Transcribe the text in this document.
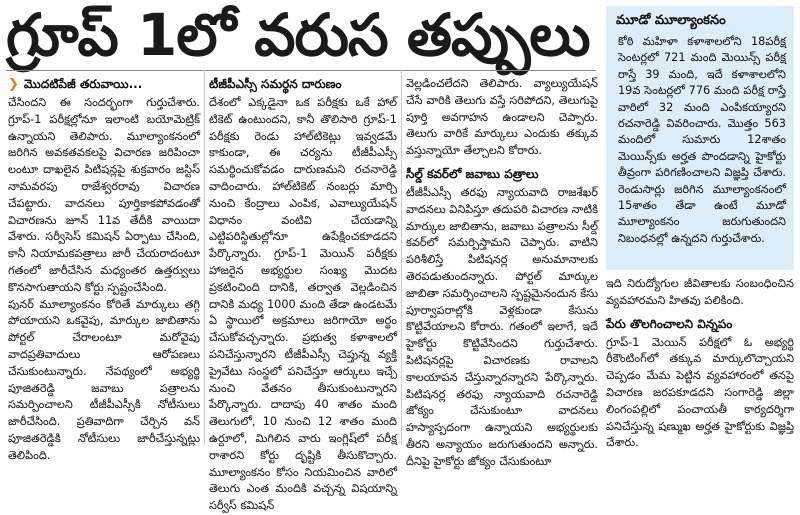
గ్రూప్ 1లో వరుస తప్పులు
❯ మొదటిపేజీ తరువాయి...

చేసిందని ఈ సందర్భంగా గుర్తుచేశారు. గ్రూప్-1 పరీక్షల్లోనూ ఇలాంటి బయోమెట్రిక్ ఉన్నాయని తెలిపారు. మూల్యాంకనంలో జరిగిన అవకతవకలపై విచారణ జరిపించా లంటూ దాఖలైన పిటిషన్లపై శుక్రవారం జస్టిస్ నామవరపు రాజేశ్వరరావు విచారణ చేపట్టారు. వాదనలు పూర్తికాకపోవడంతో విచారణను జూన్ 11వ తేదీకి వాయిదా వేశారు. సర్వీసెస్ కమిషన్ ఏర్పాటు చేసింది, కానీ నియామకపత్రాలు జారీ చేయరాదంటూ గతంలో జారీచేసిన మధ్యంతర ఉత్తర్వులు కొనసాగుతాయని కోర్టు స్పష్టంచేసింది.

పునర్ మూల్యాంకనం కోరితే మార్కులు తగ్గి పోయాయని ఒకవైపు, మార్కుల జాబితాను పోర్టల్ చేరాలంటూ మరోవైపు వాదప్రతివాదులు ఆరోపణలు చేసుకుంటున్నారు. నేపథ్యంలో అభ్యర్థి పూజితరెడ్డి జవాబు పత్రాలను సమర్పించాలని టీజీపీఎస్సీకి నోటీసులు జారీచేసింది. ప్రతివాదిగా చేర్చిన వన్ పూజితరెడ్డికి నోటీసులు జారీచేస్తున్నట్లు తెలిపింది.

టీజీపీఎస్సీ సమర్థన దారుణం

దేశంలో ఎక్కడైనా ఒక పరీక్షకు ఒకే హాల్ టికెట్ ఉంటుందని, కానీ తొలిసారి గ్రూప్-1 పరీక్షకు రెండు హాల్‌టికెట్లు ఇవ్వడమే కాకుండా, ఈ చర్యను టీజీపీఎస్సీ సమర్థించుకోవడం దారుణమని రచనారెడ్డి వాదించారు. హాల్‌టికెట్ నంబర్లు మార్చి నుంచి కేంద్రాలు ఎంపిక, ఎవాల్యుయేషన్ విధానం వంటివి చేయడాన్ని ఎట్టిపరిస్థితుల్లోనూ ఉపేక్షించకూడదని పేర్కొన్నారు. గ్రూప్-1 మెయిన్ పరీక్షకు హాజరైన అభ్యర్థుల సంఖ్య మొదట ప్రకటించింది దానికి, తర్వాత వెల్లడించిన దానికి మధ్య 1000 మంది తేడా ఉండటమే ఏ స్థాయిలో అక్రమాలు జరిగాయో అర్థం చేసుకోవచ్చన్నారు. ప్రభుత్వ కళాశాలలో పనిచేస్తున్నారని టీజీపీఎస్సీ చెప్తున్న వ్యక్తి ప్రైవేటు సంస్థలో పనిచేస్తూ ఆర్కులు ఇచ్చే నుంచి వేతనం తీసుకుంటున్నారని పేర్కొన్నారు. దాదాపు 40 శాతం మంది తెలుగులో, 10 నుంచి 12 శాతం మంది ఉర్దూలో, మిగిలిన వారు ఇంగ్లిష్‌లో పరీక్ష రాశారని కోర్టు దృష్టికి తీసుకొచ్చారు. మూల్యాంకనం కోసం నియమించిన వారిలో తెలుగు ఎంత మందికి వచ్చన్న విషయాన్ని సర్వీస్ కమిషన్

వెల్లడించలేదని తెలిపారు. వ్యాల్యుయేషన్ చేసే వారికి తెలుగు వస్తే సరిపోదని, తెలుగుపై పూర్తి అవగాహన ఉండాలని చెప్పారు. తెలుగు వారికే మార్కులు ఎందుకు తక్కువ వస్తున్నాయో తేల్చాలని కోరారు.

సీల్డ్ కవర్‌లో జవాబు పత్రాలు

టీజీపీఎస్సీ తరఫు న్యాయవాది రాజశేఖర్ వాదనలు వినిపిస్తూ తదుపరి విచారణ నాటికి మార్కుల జాబితాను, జవాబు పత్రాలను సీల్డ్ కవర్‌లో సమర్పిస్తామని చెప్పారు. వాటిని పరిశీలిస్తే పిటిషనర్ల అనుమానాలకు తెరపడుతుందన్నారు. పోర్టల్ మార్కుల జాబితా సమర్పించాలని స్పష్టమైనందున కేసు పూర్వాపరాల్లోకి వెళ్లకుండా కేసును కొట్టివేయాలని కోరారు. గతంలో ఇలాగే, ఇదే హైకోర్టు కొట్టివేసిందని గుర్తుచేశారు. పిటిషనర్లపై విచారణకు రావాలని కాలయాపన చేస్తున్నారన్నారని పేర్కొన్నారు. పిటిషనర్ల తరఫు న్యాయవాది రచనారెడ్డి జోక్యం చేసుకుంటూ వాదనలు హస్యాస్పదంగా ఉన్నాయని అభ్యర్థులకు తీరని అన్యాయం జరుగుతుందని అన్నారు. దీనిపై హైకోర్టు జోక్యం చేసుకుంటూ

మూడో మూల్యాంకనం
కోఠి మహిళా కళాశాలలోని 18పరీక్ష సెంటర్లలో 721 మంది మెయిన్స్ పరీక్ష రాస్తే 39 మంది, ఇదే కళాశాలలోని 19వ సెంటర్లలో 776 మంది పరీక్ష రాస్తే వారిలో 32 మంది ఎంపికయ్యారని రచనారెడ్డి వివరించారు. మొత్తం 563 మందిలో సుమారు 12శాతం మెయిన్స్‌కు అర్హత పొందడాన్ని హైకోర్టు తీవ్రంగా పరిగణించాలని విజ్ఞప్తి చేశారు. రెండుసార్లు జరిగిన మూల్యాంకనంలో 15శాతం తేడా ఉంటే మూడో మూల్యాంకనం జరుగుతుందని నిబంధనల్లో ఉన్నదని గుర్తుచేశారు.

ఇది నిరుద్యోగుల జీవితాలకు సంబంధించిన వ్యవహారమని హితవు పలికింది.

పేరు తొలగించాలని విన్నపం

గ్రూప్-1 మెయిన్ పరీక్షలో ఓ అభ్యర్థి రీకౌంటింగ్‌లో తక్కువ మార్కులొచ్చాయని చెప్పడం మేమ పెట్టిన వ్యవహారంలో తనపై విచారణ జరపకూడదని సంగారెడ్డి జిల్లా లింగంపల్లిలో పంచాయతీ కార్యదర్శిగా పనిచేస్తున్న షణ్ముఖ అర్హత హైకోర్టుకు విజ్ఞప్తి చేశారు.
